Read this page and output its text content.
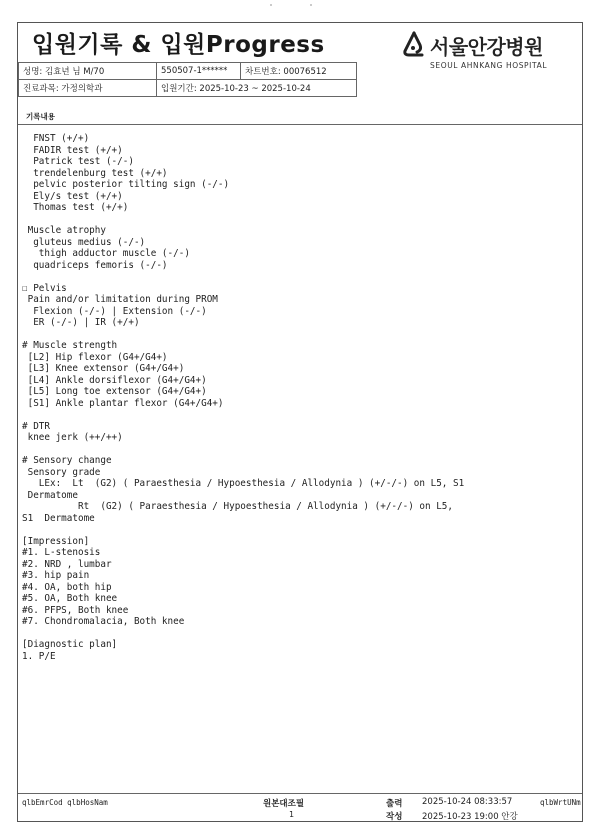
입원기록 & 입원Progress	서울안강병원
SEOUL AHNKANG HOSPITAL
성명: 김효년 님 M/70	550507-1******	차트번호: 00076512
진료과목: 가정의학과	입원기간: 2025-10-23 ~ 2025-10-24	
기록내용
FNST (+/+)
FADIR test (+/+)
Patrick test (-/-)
trendelenburg test (+/+)
pelvic posterior tilting sign (-/-)
Ely/s test (+/+)
Thomas test (+/+)

Muscle atrophy
gluteus medius (-/-)
thigh adductor muscle (-/-)
quadriceps femoris (-/-)

☐ Pelvis
Pain and/or limitation during PROM
Flexion (-/-) | Extension (-/-)
ER (-/-) | IR (+/+)

# Muscle strength
[L2] Hip flexor (G4+/G4+)
[L3] Knee extensor (G4+/G4+)
[L4] Ankle dorsiflexor (G4+/G4+)
[L5] Long toe extensor (G4+/G4+)
[S1] Ankle plantar flexor (G4+/G4+)

# DTR
knee jerk (++/++)

# Sensory change
Sensory grade
LEx:  Lt  (G2) ( Paraesthesia / Hypoesthesia / Allodynia ) (+/-/-) on L5, S1
Dermatome
Rt  (G2) ( Paraesthesia / Hypoesthesia / Allodynia ) (+/-/-) on L5,
S1  Dermatome

[Impression]
#1. L-stenosis
#2. NRD , lumbar
#3. hip pain
#4. OA, both hip
#5. OA, Both knee
#6. PFPS, Both knee
#7. Chondromalacia, Both knee

[Diagnostic plan]
1. P/E
qlbEmrCod qlbHosNam	원본대조필
1
출력 2025-10-24 08:33:57
작성 2025-10-23 19:00 안강
qlbWrtUNm
